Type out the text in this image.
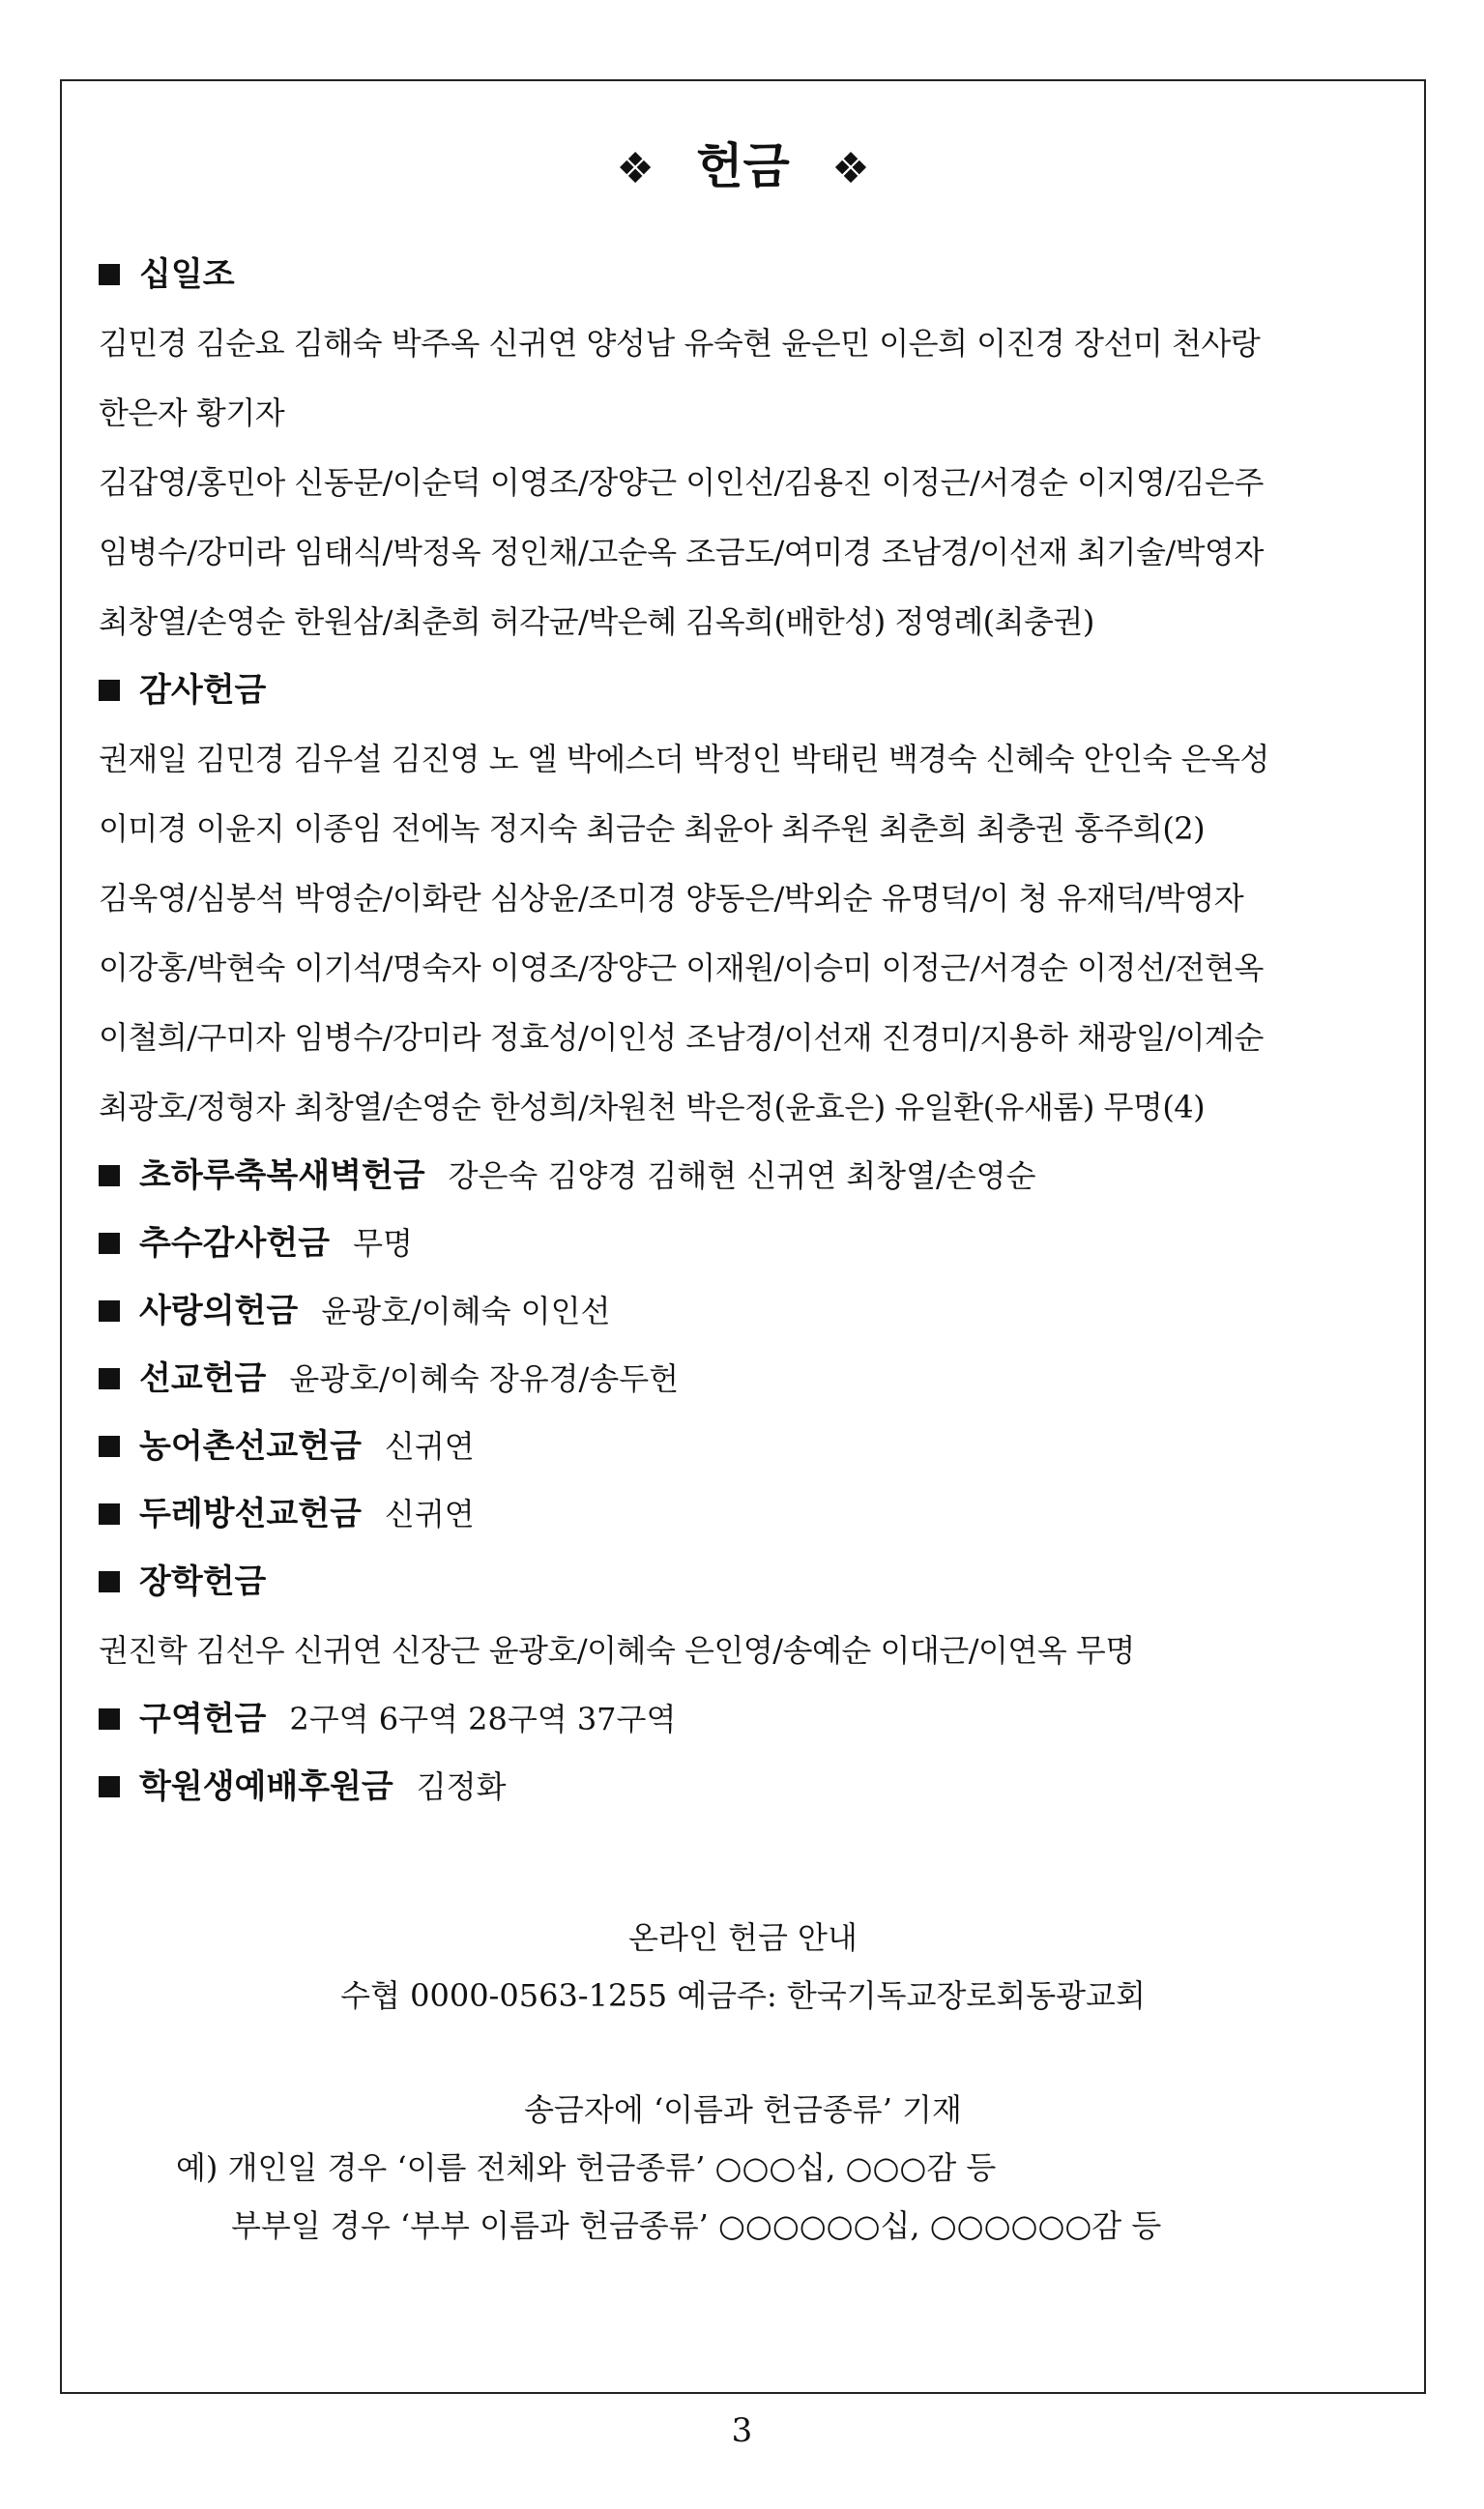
❖ 헌금 ❖
십일조
김민경 김순요 김해숙 박주옥 신귀연 양성남 유숙현 윤은민 이은희 이진경 장선미 천사랑
한은자 황기자
김갑영/홍민아 신동문/이순덕 이영조/장양근 이인선/김용진 이정근/서경순 이지영/김은주
임병수/강미라 임태식/박정옥 정인채/고순옥 조금도/여미경 조남경/이선재 최기술/박영자
최창열/손영순 한원삼/최춘희 허각균/박은혜 김옥희(배한성) 정영례(최충권)
감사헌금
권재일 김민경 김우설 김진영 노 엘 박에스더 박정인 박태린 백경숙 신혜숙 안인숙 은옥성
이미경 이윤지 이종임 전에녹 정지숙 최금순 최윤아 최주원 최춘희 최충권 홍주희(2)
김욱영/심봉석 박영순/이화란 심상윤/조미경 양동은/박외순 유명덕/이 청 유재덕/박영자
이강홍/박현숙 이기석/명숙자 이영조/장양근 이재원/이승미 이정근/서경순 이정선/전현옥
이철희/구미자 임병수/강미라 정효성/이인성 조남경/이선재 진경미/지용하 채광일/이계순
최광호/정형자 최창열/손영순 한성희/차원천 박은정(윤효은) 유일환(유새롬) 무명(4)
초하루축복새벽헌금 강은숙 김양경 김해현 신귀연 최창열/손영순
추수감사헌금 무명
사랑의헌금 윤광호/이혜숙 이인선
선교헌금 윤광호/이혜숙 장유경/송두헌
농어촌선교헌금 신귀연
두레방선교헌금 신귀연
장학헌금
권진학 김선우 신귀연 신장근 윤광호/이혜숙 은인영/송예순 이대근/이연옥 무명
구역헌금 2구역 6구역 28구역 37구역
학원생예배후원금 김정화
온라인 헌금 안내
수협 0000-0563-1255 예금주: 한국기독교장로회동광교회
송금자에 ‘이름과 헌금종류’ 기재
예) 개인일 경우 ‘이름 전체와 헌금종류’ ○○○십, ○○○감 등
부부일 경우 ‘부부 이름과 헌금종류’ ○○○○○○십, ○○○○○○감 등
3
